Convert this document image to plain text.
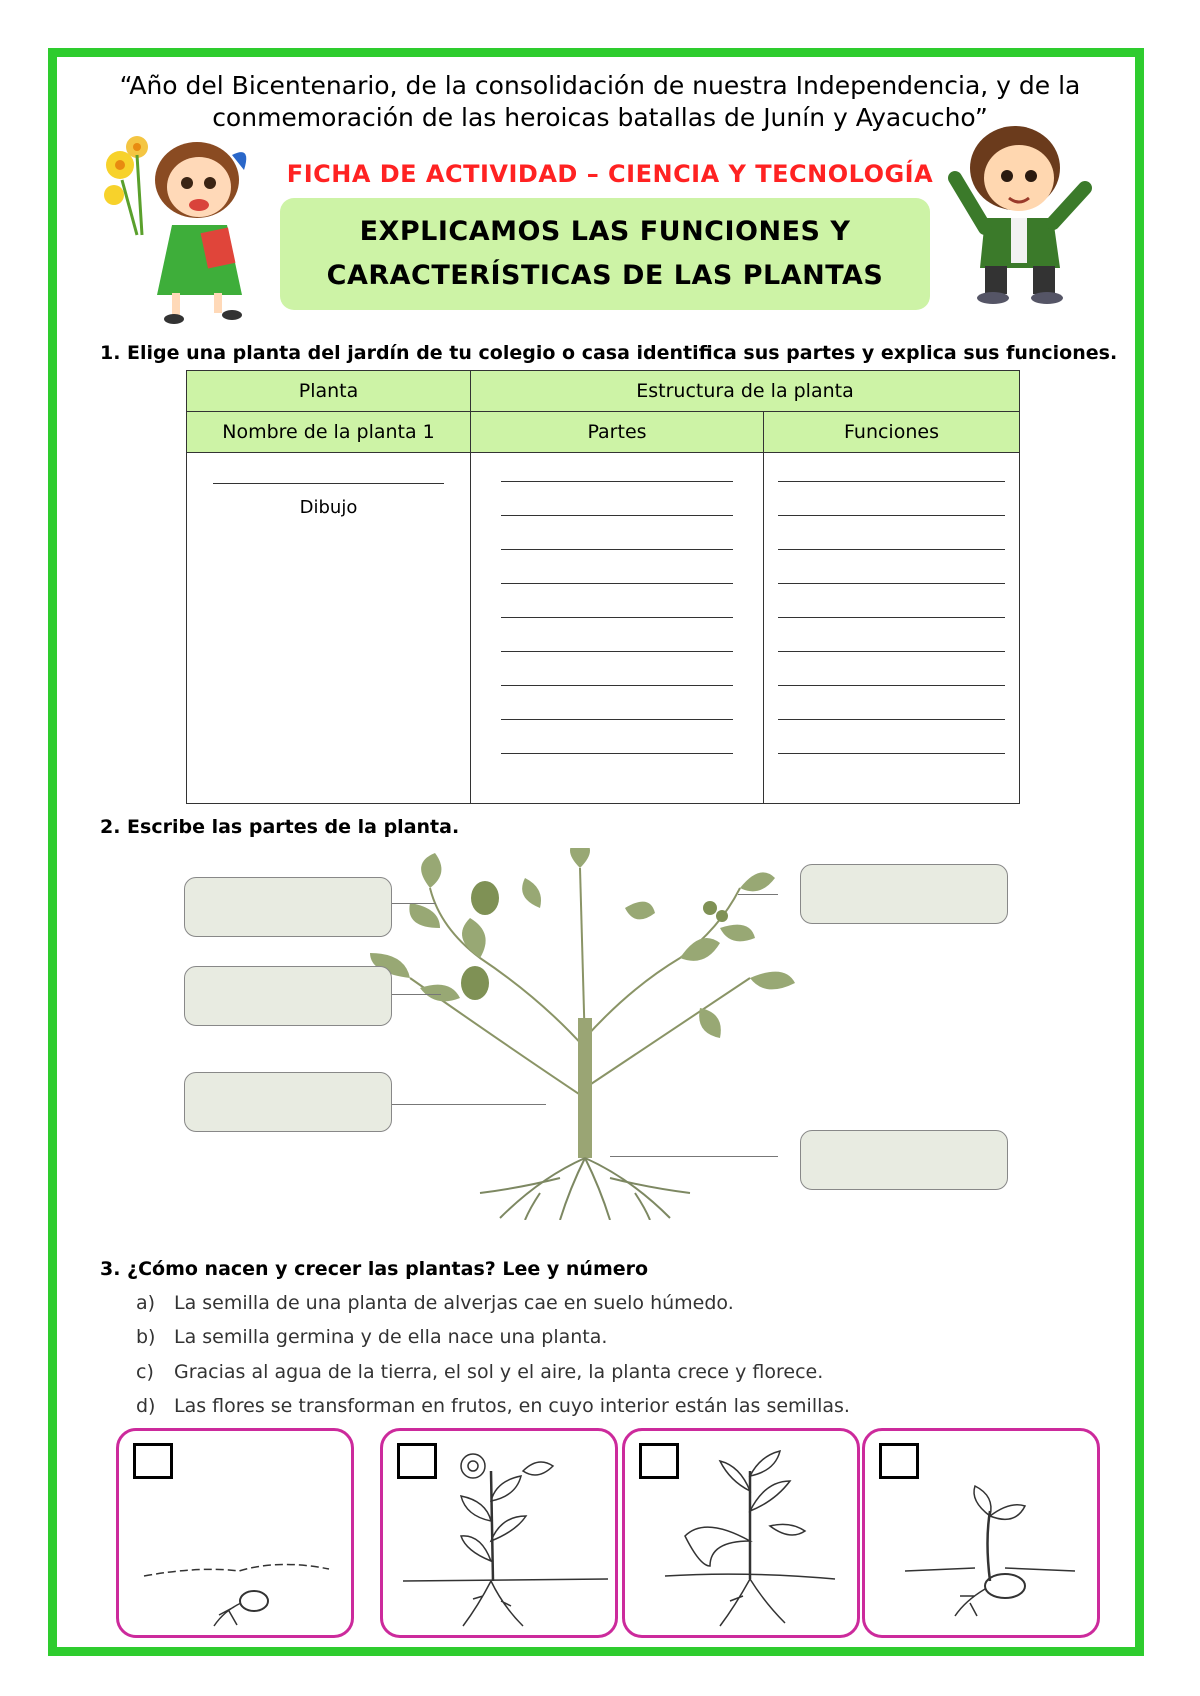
“Año del Bicentenario, de la consolidación de nuestra Independencia, y de la
conmemoración de las heroicas batallas de Junín y Ayacucho”
FICHA DE ACTIVIDAD – CIENCIA Y TECNOLOGÍA
EXPLICAMOS LAS FUNCIONES Y
CARACTERÍSTICAS DE LAS PLANTAS
1. Elige una planta del jardín de tu colegio o casa identifica sus partes y explica sus funciones.
Planta	Estructura de la planta	
Nombre de la planta 1	Partes	Funciones

Dibujo		

2. Escribe las partes de la planta.
3. ¿Cómo nacen y crecer las plantas? Lee y número
a) La semilla de una planta de alverjas cae en suelo húmedo.
b) La semilla germina y de ella nace una planta.
c) Gracias al agua de la tierra, el sol y el aire, la planta crece y florece.
d) Las flores se transforman en frutos, en cuyo interior están las semillas.
